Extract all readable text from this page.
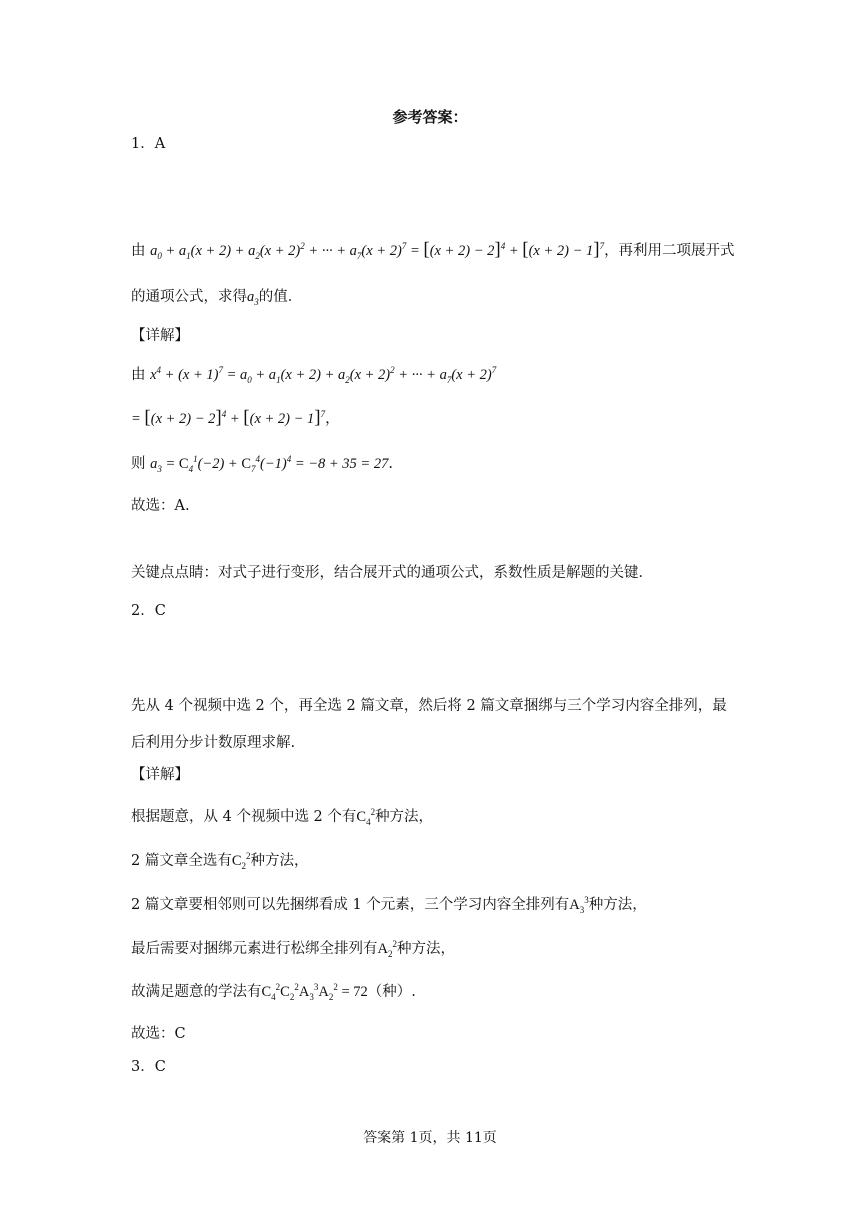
参考答案：
1．A
由 $a_0 + a_1(x + 2) + a_2(x + 2)^2$ + ··· + $a_7(x + 2)^7 = [(x + 2) - 2]^4 + [(x + 2) - 1]^7$，再利用二项展开式
的通项公式，求得$a_3$的值．
【详解】
由 $x^4 + (x + 1)^7 = a_0 + a_1(x + 2) + a_2(x + 2)^2$ + ··· + $a_7(x + 2)^7$
= $[(x + 2) - 2]^4 + [(x + 2) - 1]^7$，
则 $a_3 = C_4^1(-2) + C_7^4(-1)^4 = -8 + 35 = 27$.
故选：A.
关键点点睛：对式子进行变形，结合展开式的通项公式，系数性质是解题的关键．
2．C
先从 4 个视频中选 2 个，再全选 2 篇文章，然后将 2 篇文章捆绑与三个学习内容全排列，最
后利用分步计数原理求解.
【详解】
根据题意，从 4 个视频中选 2 个有$C_4^2$种方法，
2 篇文章全选有$C_2^2$种方法，
2 篇文章要相邻则可以先捆绑看成 1 个元素，三个学习内容全排列有$A_3^3$种方法，
最后需要对捆绑元素进行松绑全排列有$A_2^2$种方法，
故满足题意的学法有$C_4^2C_2^2A_3^3A_2^2 = 72$（种）.
故选：C
3．C
答案第 1页，共 11页
